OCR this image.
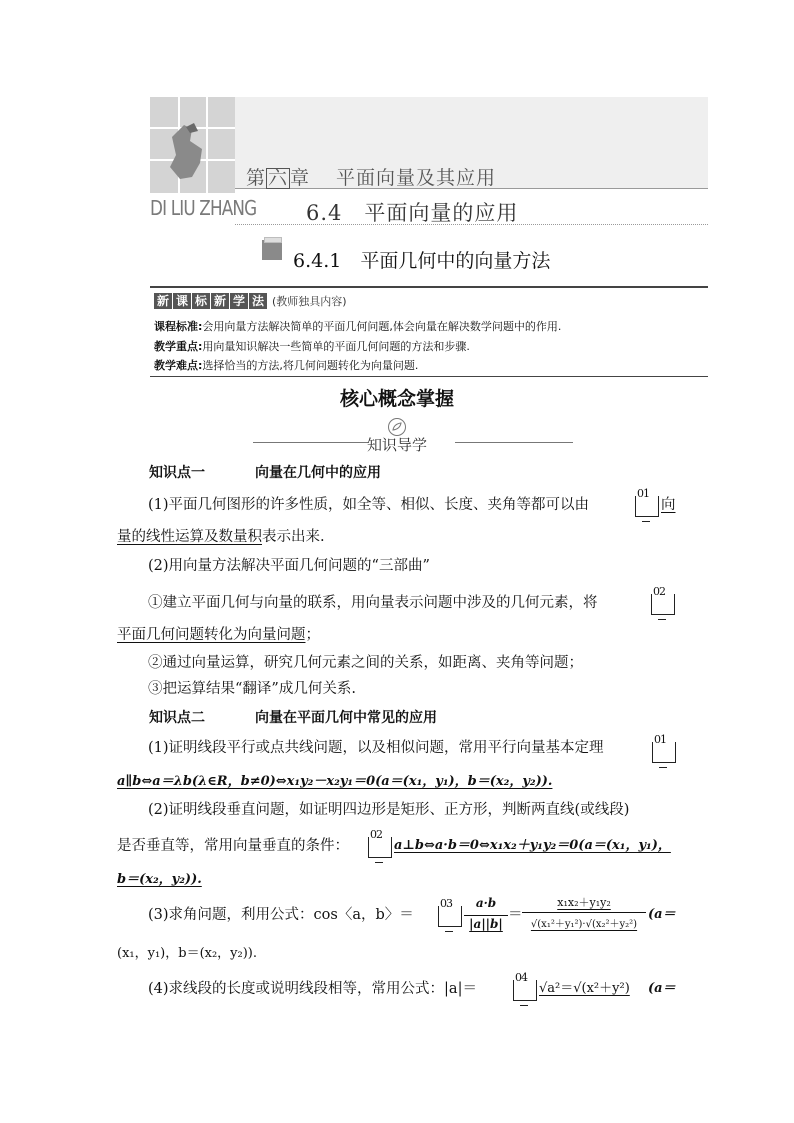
第 六 章 平面向量及其应用
DI LIU ZHANG 6.4　平面向量的应用
6.4.1　平面几何中的向量方法
新 课 标 新 学 法 (教师独具内容)
课程标准:会用向量方法解决简单的平面几何问题,体会向量在解决数学问题中的作用.
教学重点:用向量知识解决一些简单的平面几何问题的方法和步骤.
教学难点:选择恰当的方法,将几何问题转化为向量问题.
核心概念掌握
知识导学
知识点一	向量在几何中的应用
(1)平面几何图形的许多性质，如全等、相似、长度、夹角等都可以由
01
向
量的线性运算及数量积表示出来.
(2)用向量方法解决平面几何问题的“三部曲”
①建立平面几何与向量的联系，用向量表示问题中涉及的几何元素，将
02
平面几何问题转化为向量问题；
②通过向量运算，研究几何元素之间的关系，如距离、夹角等问题；
③把运算结果“翻译”成几何关系.
知识点二	向量在平面几何中常见的应用
(1)证明线段平行或点共线问题，以及相似问题，常用平行向量基本定理
01
a∥b⇔a＝λb(λ∈R，b≠0)⇔x₁y₂－x₂y₁＝0(a＝(x₁，y₁)，b＝(x₂，y₂)).
(2)证明线段垂直问题，如证明四边形是矩形、正方形，判断两直线(或线段)
是否垂直等，常用向量垂直的条件：
02
a⊥b⇔a·b＝0⇔x₁x₂＋y₁y₂＝0(a＝(x₁，y₁)，
b＝(x₂，y₂)).
(3)求角问题，利用公式：cos〈a，b〉＝
03	a·b
|a||b|
＝
x₁x₂＋y₁y₂
√(x₁²＋y₁²)·√(x₂²＋y₂²)
(a＝
(x₁，y₁)，b＝(x₂，y₂)).
(4)求线段的长度或说明线段相等，常用公式：|a|＝
04
√a²＝√(x²＋y²) (a＝
